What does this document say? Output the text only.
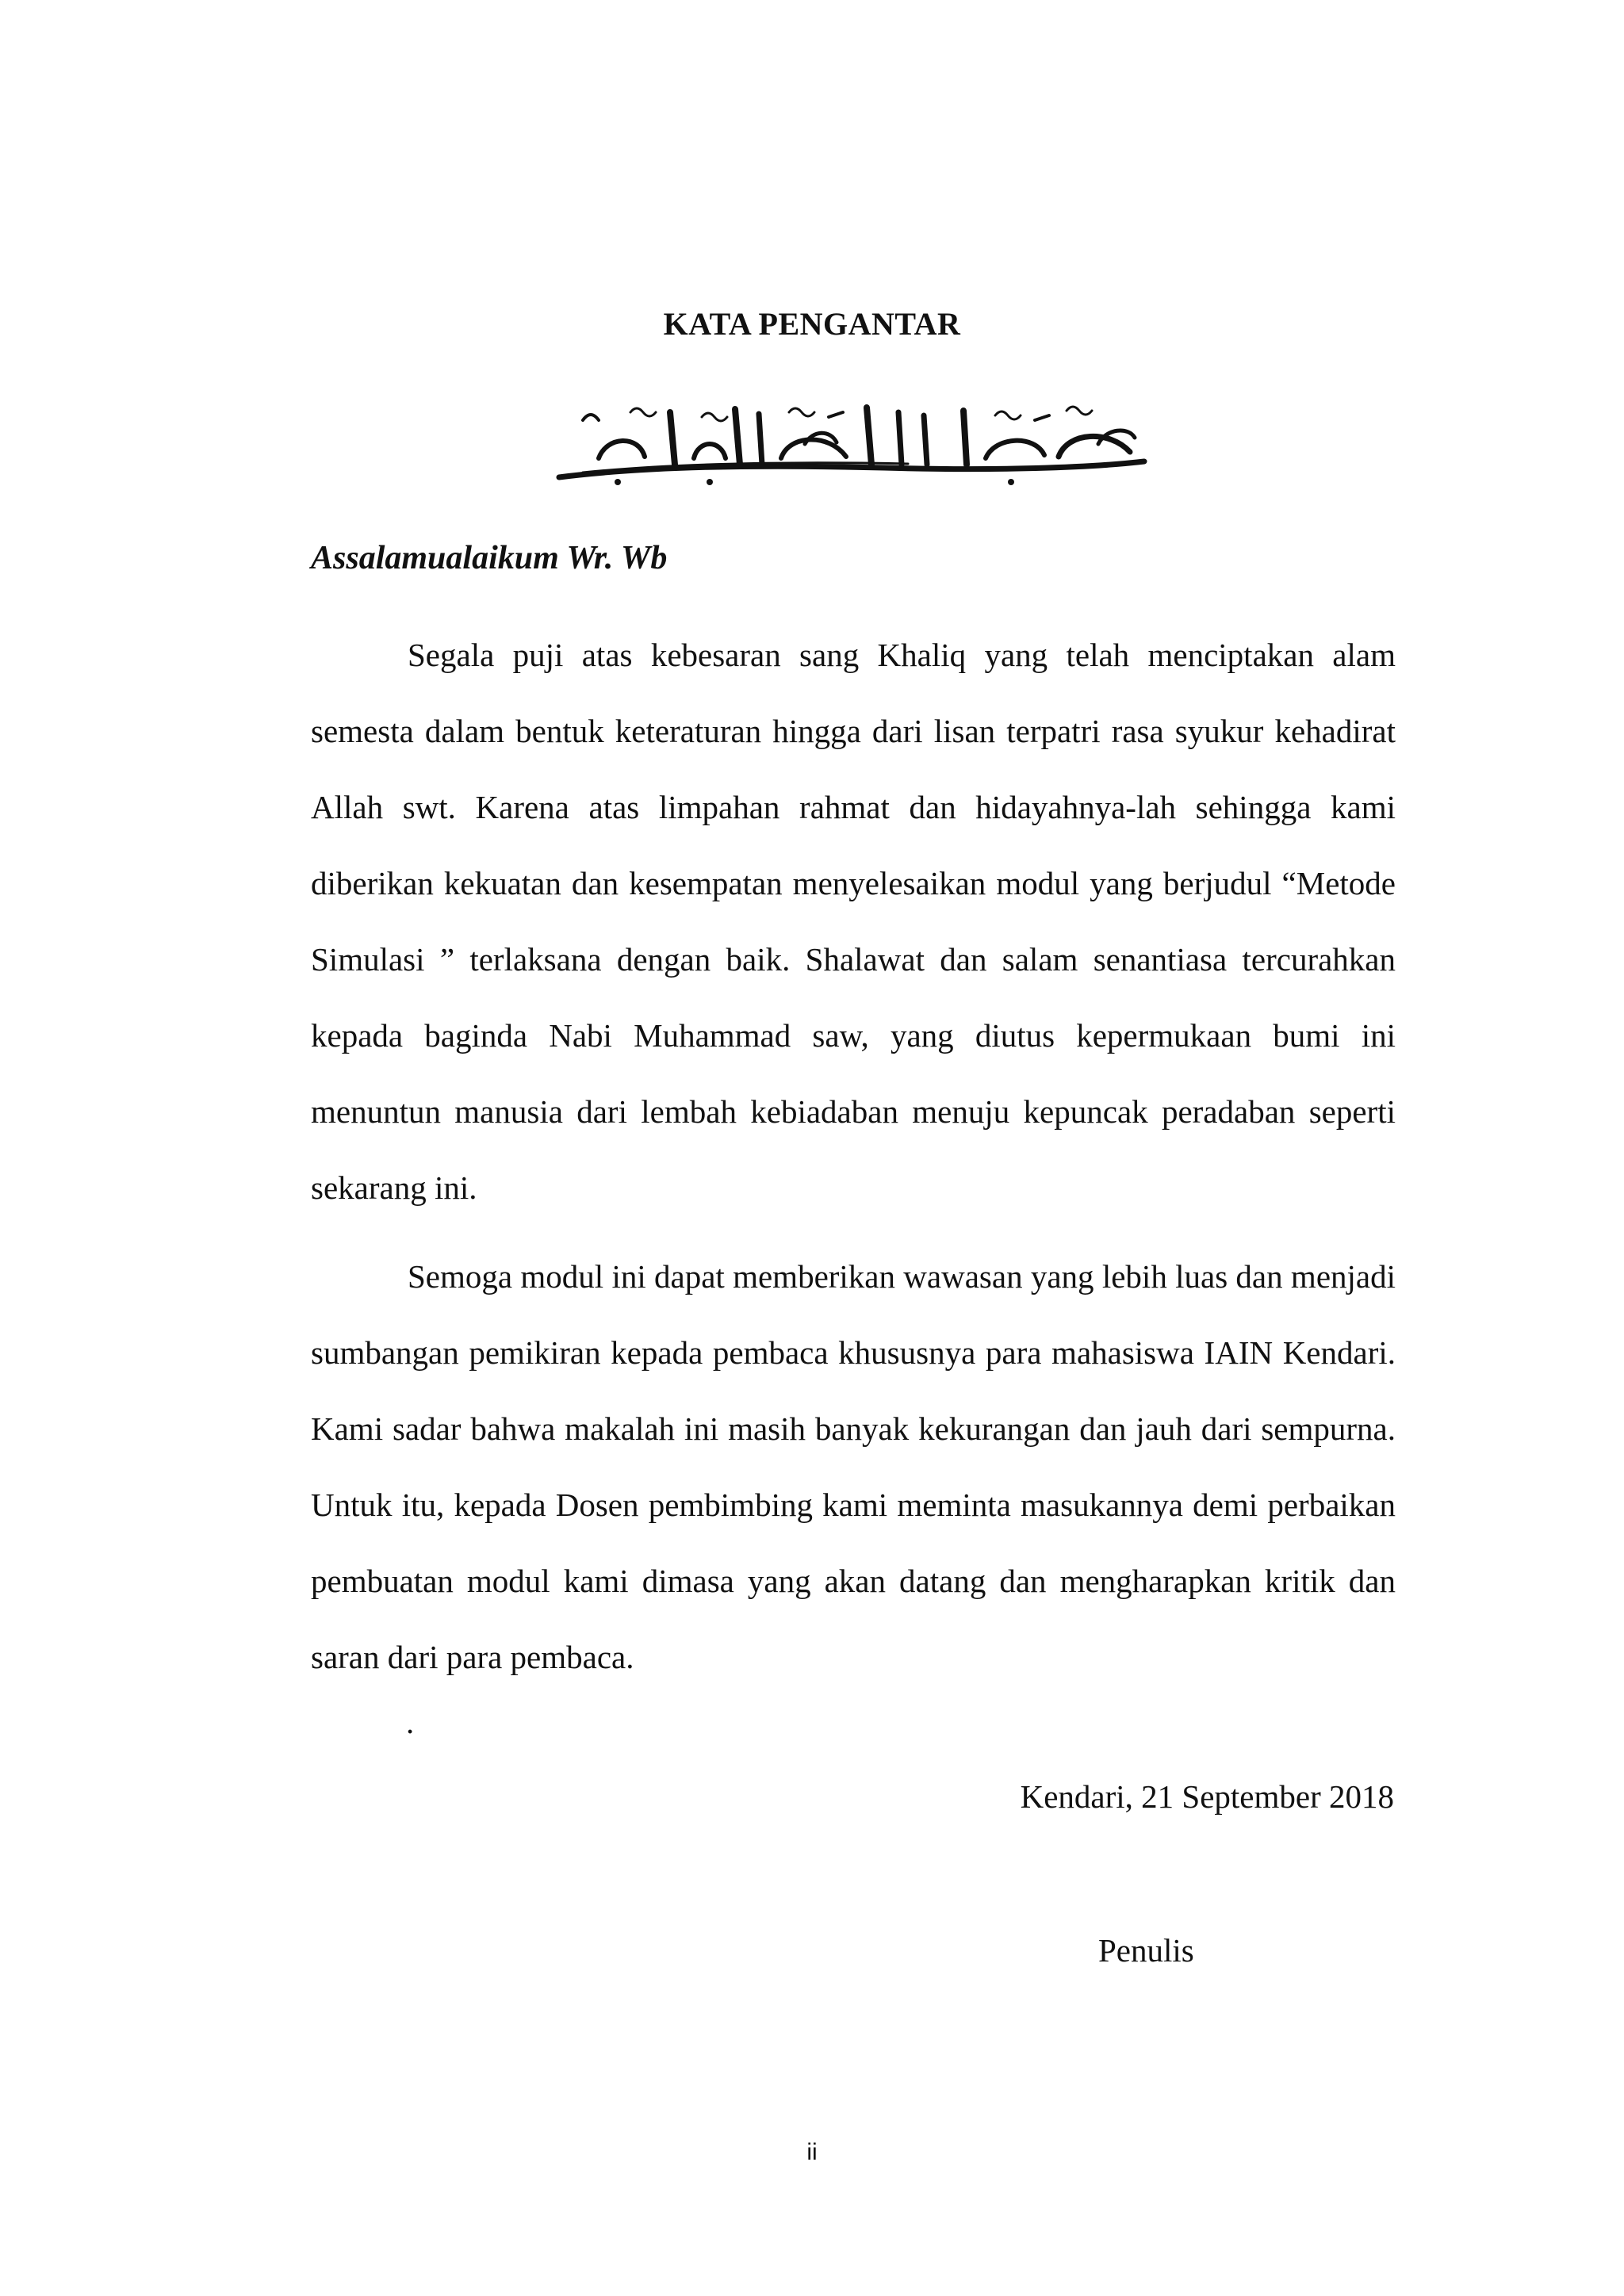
KATA PENGANTAR
Assalamualaikum Wr. Wb

Segala puji atas kebesaran sang Khaliq yang telah menciptakan alam semesta dalam bentuk keteraturan hingga dari lisan terpatri rasa syukur kehadirat Allah swt. Karena atas limpahan rahmat dan hidayahnya-lah sehingga kami diberikan kekuatan dan kesempatan menyelesaikan modul yang berjudul “Metode Simulasi ” terlaksana dengan baik. Shalawat dan salam senantiasa tercurahkan kepada baginda Nabi Muhammad saw, yang diutus kepermukaan bumi ini menuntun manusia dari lembah kebiadaban menuju kepuncak peradaban seperti sekarang ini.

Semoga modul ini dapat memberikan wawasan yang lebih luas dan menjadi sumbangan pemikiran kepada pembaca khususnya para mahasiswa IAIN Kendari. Kami sadar bahwa makalah ini masih banyak kekurangan dan jauh dari sempurna. Untuk itu, kepada Dosen pembimbing kami meminta masukannya demi perbaikan pembuatan modul kami dimasa yang akan datang dan mengharapkan kritik dan saran dari para pembaca.

.
Kendari, 21 September 2018
Penulis
ii
